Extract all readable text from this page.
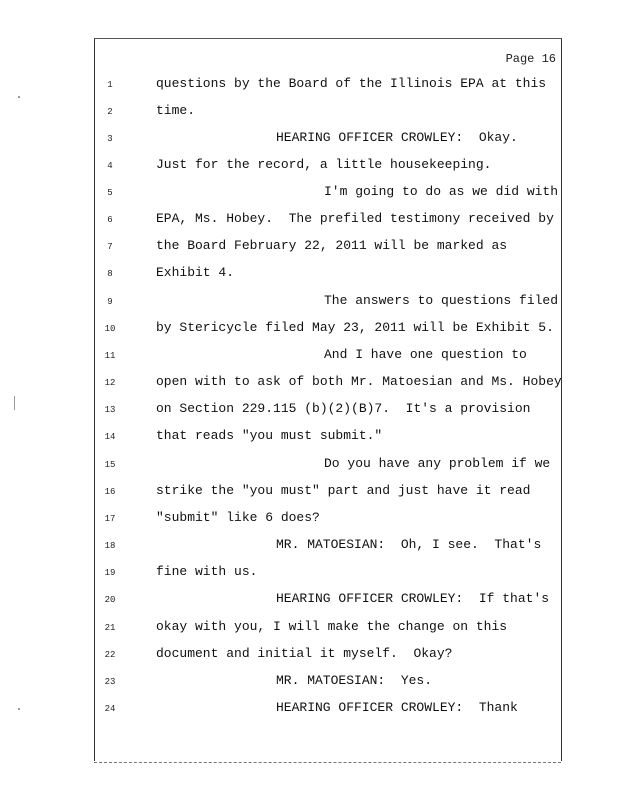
Page 16
1	questions by the Board of the Illinois EPA at this
2	time.
3	HEARING OFFICER CROWLEY:  Okay.
4	Just for the record, a little housekeeping.
5	I'm going to do as we did with
6	EPA, Ms. Hobey.  The prefiled testimony received by
7	the Board February 22, 2011 will be marked as
8	Exhibit 4.
9	The answers to questions filed
10	by Stericycle filed May 23, 2011 will be Exhibit 5.
11	And I have one question to
12	open with to ask of both Mr. Matoesian and Ms. Hobey
13	on Section 229.115 (b)(2)(B)7.  It's a provision
14	that reads "you must submit."
15	Do you have any problem if we
16	strike the "you must" part and just have it read
17	"submit" like 6 does?
18	MR. MATOESIAN:  Oh, I see.  That's
19	fine with us.
20	HEARING OFFICER CROWLEY:  If that's
21	okay with you, I will make the change on this
22	document and initial it myself.  Okay?
23	MR. MATOESIAN:  Yes.
24	HEARING OFFICER CROWLEY:  Thank
